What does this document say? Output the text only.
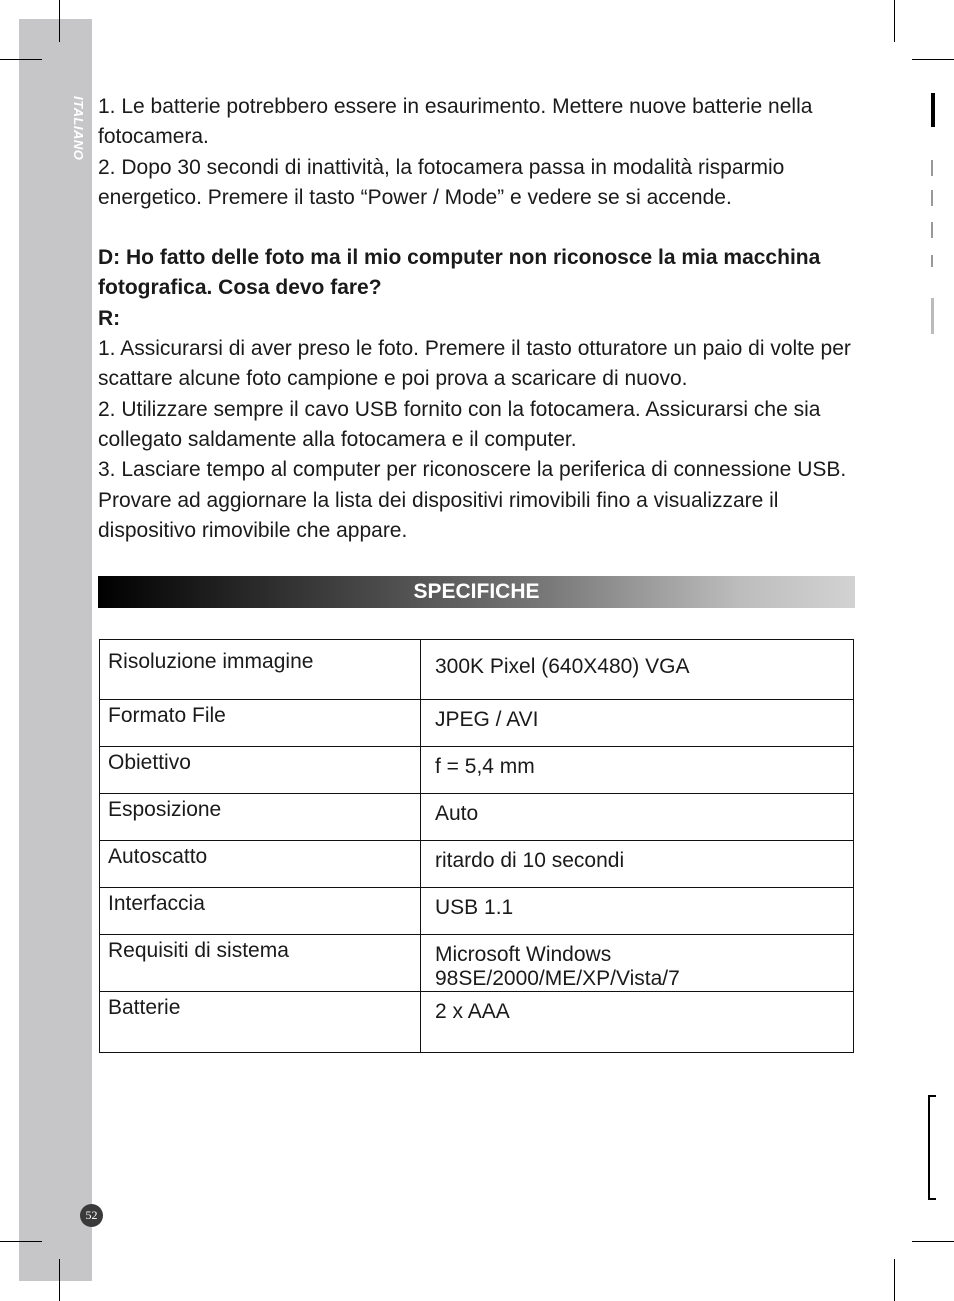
ITALIANO
52

1. Le batterie potrebbero essere in esaurimento. Mettere nuove batterie nella fotocamera.

2. Dopo 30 secondi di inattività, la fotocamera passa in modalità risparmio energetico. Premere il tasto “Power / Mode” e vedere se si accende.

D: Ho fatto delle foto ma il mio computer non riconosce la mia macchina fotografica. Cosa devo fare?

R:

1. Assicurarsi di aver preso le foto. Premere il tasto otturatore un paio di volte per scattare alcune foto campione e poi prova a scaricare di nuovo.

2. Utilizzare sempre il cavo USB fornito con la fotocamera. Assicurarsi che sia collegato saldamente alla fotocamera e il computer.

3. Lasciare tempo al computer per riconoscere la periferica di connessione USB. Provare ad aggiornare la lista dei dispositivi rimovibili fino a visualizzare il dispositivo rimovibile che appare.

SPECIFICHE
Risoluzione immagine	300K Pixel (640X480) VGA
Formato File	JPEG / AVI
Obiettivo	f = 5,4 mm
Esposizione	Auto
Autoscatto	ritardo di 10 secondi
Interfaccia	USB 1.1
Requisiti di sistema	Microsoft Windows 98SE/2000/ME/XP/Vista/7
Batterie	2 x AAA
